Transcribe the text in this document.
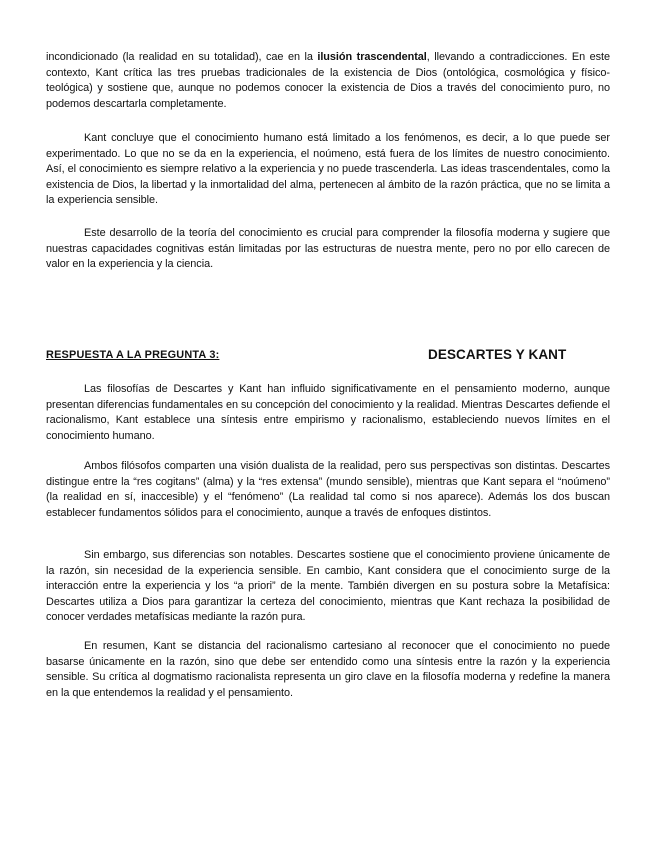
incondicionado (la realidad en su totalidad), cae en la ilusión trascendental, llevando a contradicciones. En este contexto, Kant crítica las tres pruebas tradicionales de la existencia de Dios (ontológica, cosmológica y físico-teológica) y sostiene que, aunque no podemos conocer la existencia de Dios a través del conocimiento puro, no podemos descartarla completamente.

Kant concluye que el conocimiento humano está limitado a los fenómenos, es decir, a lo que puede ser experimentado. Lo que no se da en la experiencia, el noúmeno, está fuera de los límites de nuestro conocimiento. Así, el conocimiento es siempre relativo a la experiencia y no puede trascenderla. Las ideas trascendentales, como la existencia de Dios, la libertad y la inmortalidad del alma, pertenecen al ámbito de la razón práctica, que no se limita a la experiencia sensible.

Este desarrollo de la teoría del conocimiento es crucial para comprender la filosofía moderna y sugiere que nuestras capacidades cognitivas están limitadas por las estructuras de nuestra mente, pero no por ello carecen de valor en la experiencia y la ciencia.

RESPUESTA A LA PREGUNTA 3:	DESCARTES Y KANT

Las filosofías de Descartes y Kant han influido significativamente en el pensamiento moderno, aunque presentan diferencias fundamentales en su concepción del conocimiento y la realidad. Mientras Descartes defiende el racionalismo, Kant establece una síntesis entre empirismo y racionalismo, estableciendo nuevos límites en el conocimiento humano.

Ambos filósofos comparten una visión dualista de la realidad, pero sus perspectivas son distintas. Descartes distingue entre la “res cogitans” (alma) y la “res extensa” (mundo sensible), mientras que Kant separa el “noúmeno” (la realidad en sí, inaccesible) y el “fenómeno” (La realidad tal como si nos aparece). Además los dos buscan establecer fundamentos sólidos para el conocimiento, aunque a través de enfoques distintos.

Sin embargo, sus diferencias son notables. Descartes sostiene que el conocimiento proviene únicamente de la razón, sin necesidad de la experiencia sensible. En cambio, Kant considera que el conocimiento surge de la interacción entre la experiencia y los “a priori” de la mente. También divergen en su postura sobre la Metafísica: Descartes utiliza a Dios para garantizar la certeza del conocimiento, mientras que Kant rechaza la posibilidad de conocer verdades metafísicas mediante la razón pura.

En resumen, Kant se distancia del racionalismo cartesiano al reconocer que el conocimiento no puede basarse únicamente en la razón, sino que debe ser entendido como una síntesis entre la razón y la experiencia sensible. Su crítica al dogmatismo racionalista representa un giro clave en la filosofía moderna y redefine la manera en la que entendemos la realidad y el pensamiento.
